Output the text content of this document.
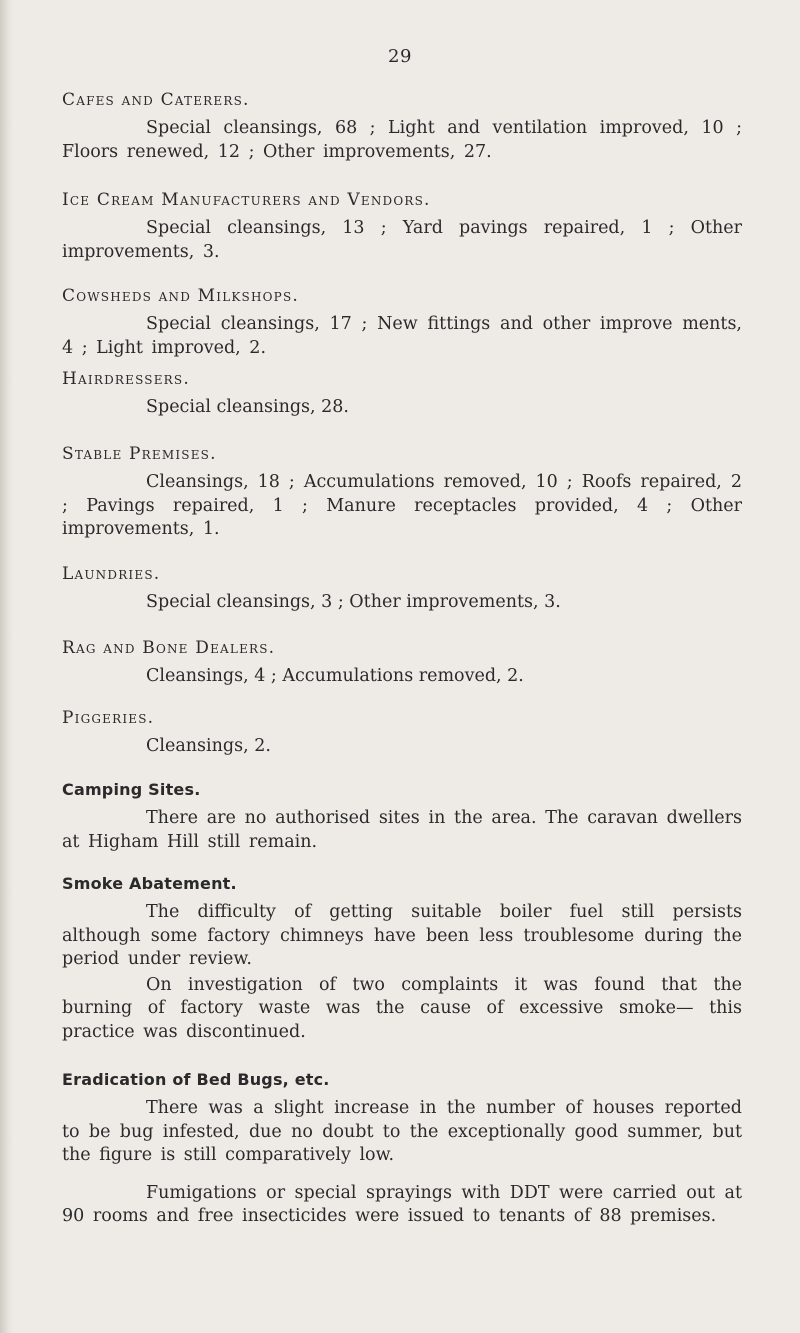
29

Cafes and Caterers.

Special cleansings, 68 ; Light and ventilation improved, 10 ; Floors renewed, 12 ; Other improvements, 27.

Ice Cream Manufacturers and Vendors.

Special cleansings, 13 ; Yard pavings repaired, 1 ; Other improvements, 3.

Cowsheds and Milkshops.

Special cleansings, 17 ; New fittings and other improve ments, 4 ; Light improved, 2.

Hairdressers.

Special cleansings, 28.

Stable Premises.

Cleansings, 18 ; Accumulations removed, 10 ; Roofs repaired, 2 ; Pavings repaired, 1 ; Manure receptacles provided, 4 ; Other improvements, 1.

Laundries.

Special cleansings, 3 ; Other improvements, 3.

Rag and Bone Dealers.

Cleansings, 4 ; Accumulations removed, 2.

Piggeries.

Cleansings, 2.

Camping Sites.

There are no authorised sites in the area. The caravan dwellers at Higham Hill still remain.

Smoke Abatement.

The difficulty of getting suitable boiler fuel still persists although some factory chimneys have been less troublesome during the period under review.

On investigation of two complaints it was found that the burning of factory waste was the cause of excessive smoke— this practice was discontinued.

Eradication of Bed Bugs, etc.

There was a slight increase in the number of houses reported to be bug infested, due no doubt to the exceptionally good summer, but the figure is still comparatively low.

Fumigations or special sprayings with DDT were carried out at 90 rooms and free insecticides were issued to tenants of 88 premises.
